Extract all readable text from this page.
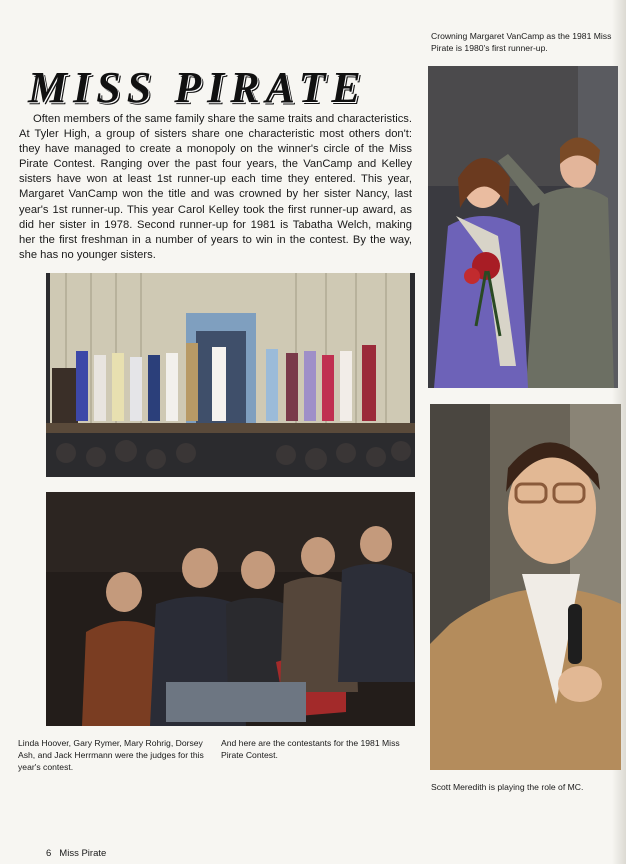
Crowning Margaret VanCamp as the 1981 Miss Pirate is 1980's first runner-up.
MISS PIRATE

Often members of the same family share the same traits and characteristics. At Tyler High, a group of sisters share one characteristic most others don't: they have managed to create a monopoly on the winner's circle of the Miss Pirate Contest. Ranging over the past four years, the VanCamp and Kelley sisters have won at least 1st runner-up each time they entered. This year, Margaret VanCamp won the title and was crowned by her sister Nancy, last year's 1st runner-up. This year Carol Kelley took the first runner-up award, as did her sister in 1978. Second runner-up for 1981 is Tabatha Welch, making her the first freshman in a number of years to win in the contest. By the way, she has no younger sisters.

Linda Hoover, Gary Rymer, Mary Rohrig, Dorsey Ash, and Jack Herrmann were the judges for this year's contest.
And here are the contestants for the 1981 Miss Pirate Contest.
Scott Meredith is playing the role of MC.
6 Miss Pirate
